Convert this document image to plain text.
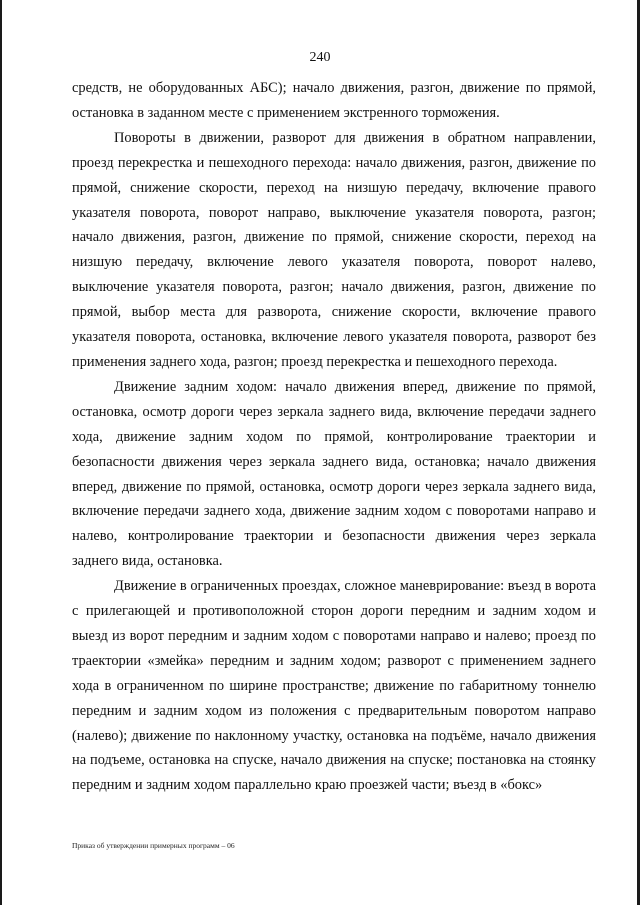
240

средств, не оборудованных АБС); начало движения, разгон, движение по прямой, остановка в заданном месте с применением экстренного торможения.

Повороты в движении, разворот для движения в обратном направлении, проезд перекрестка и пешеходного перехода: начало движения, разгон, движение по прямой, снижение скорости, переход на низшую передачу, включение правого указателя поворота, поворот направо, выключение указателя поворота, разгон; начало движения, разгон, движение по прямой, снижение скорости, переход на низшую передачу, включение левого указателя поворота, поворот налево, выключение указателя поворота, разгон; начало движения, разгон, движение по прямой, выбор места для разворота, снижение скорости, включение правого указателя поворота, остановка, включение левого указателя поворота, разворот без применения заднего хода, разгон; проезд перекрестка и пешеходного перехода.

Движение задним ходом: начало движения вперед, движение по прямой, остановка, осмотр дороги через зеркала заднего вида, включение передачи заднего хода, движение задним ходом по прямой, контролирование траектории и безопасности движения через зеркала заднего вида, остановка; начало движения вперед, движение по прямой, остановка, осмотр дороги через зеркала заднего вида, включение передачи заднего хода, движение задним ходом с поворотами направо и налево, контролирование траектории и безопасности движения через зеркала заднего вида, остановка.

Движение в ограниченных проездах, сложное маневрирование: въезд в ворота с прилегающей и противоположной сторон дороги передним и задним ходом и выезд из ворот передним и задним ходом с поворотами направо и налево; проезд по траектории «змейка» передним и задним ходом; разворот с применением заднего хода в ограниченном по ширине пространстве; движение по габаритному тоннелю передним и задним ходом из положения с предварительным поворотом направо (налево); движение по наклонному участку, остановка на подъёме, начало движения на подъеме, остановка на спуске, начало движения на спуске; постановка на стоянку передним и задним ходом параллельно краю проезжей части; въезд в «бокс»

Приказ об утверждении примерных программ – 06
